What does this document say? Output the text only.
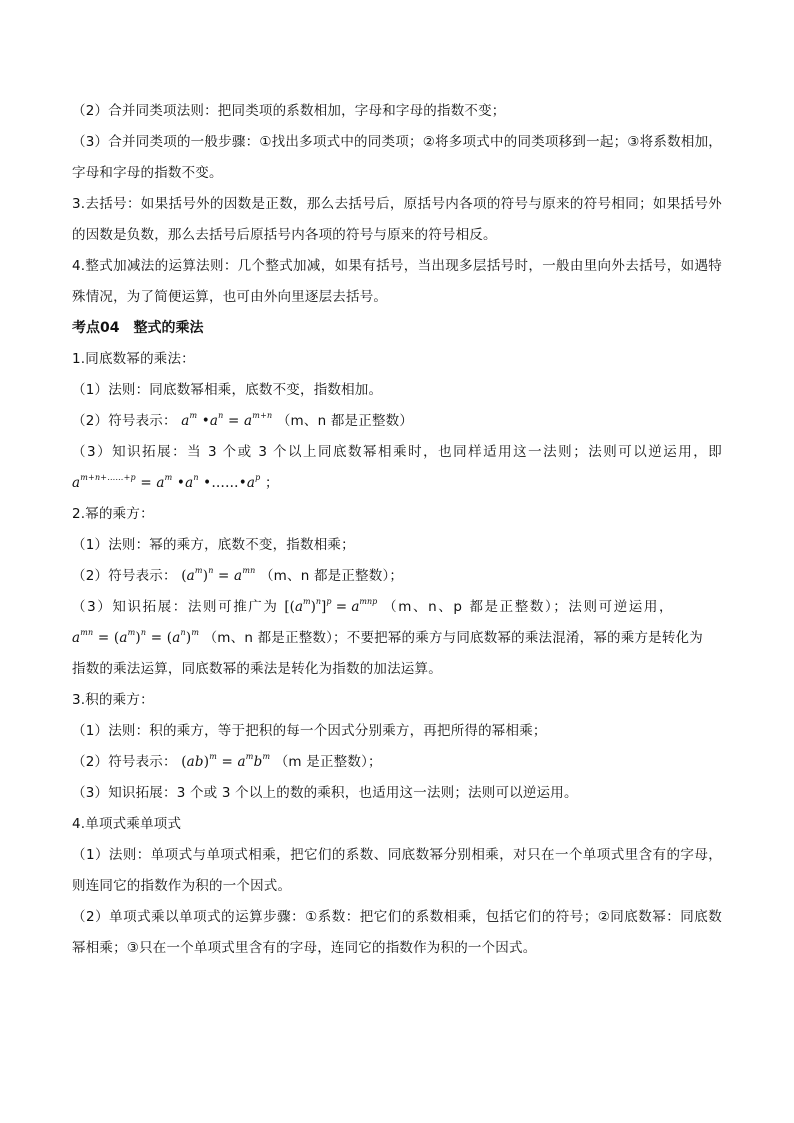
（2）合并同类项法则：把同类项的系数相加，字母和字母的指数不变；

（3）合并同类项的一般步骤：①找出多项式中的同类项；②将多项式中的同类项移到一起；③将系数相加，

字母和字母的指数不变。

3.去括号：如果括号外的因数是正数，那么去括号后，原括号内各项的符号与原来的符号相同；如果括号外

的因数是负数，那么去括号后原括号内各项的符号与原来的符号相反。

4.整式加减法的运算法则：几个整式加减，如果有括号，当出现多层括号时，一般由里向外去括号，如遇特

殊情况，为了简便运算，也可由外向里逐层去括号。

考点04　整式的乘法

1.同底数幂的乘法：

（1）法则：同底数幂相乘，底数不变，指数相加。

（2）符号表示： $a^m$ $•a^n = a^{m+n}$ （m、n 都是正整数）

（3）知识拓展：当 3 个或 3 个以上同底数幂相乘时，也同样适用这一法则；法则可以逆运用，即

$a^{m+n+\dots\dots+p} = a^m$ $•a^n$ $•\dots\dots•a^p$ ；

2.幂的乘方：

（1）法则：幂的乘方，底数不变，指数相乘；

（2）符号表示： $(a^m)^n = a^{mn}$ （m、n 都是正整数）；

（3）知识拓展：法则可推广为 $[(a^m)^n]^p = a^{mnp}$ （m、n、p 都是正整数）；法则可逆运用，

$a^{mn} = (a^m)^n = (a^n)^m$ （m、n 都是正整数）；不要把幂的乘方与同底数幂的乘法混淆，幂的乘方是转化为

指数的乘法运算，同底数幂的乘法是转化为指数的加法运算。

3.积的乘方：

（1）法则：积的乘方，等于把积的每一个因式分别乘方，再把所得的幂相乘；

（2）符号表示： $(ab)^m = a^mb^m$ （m 是正整数）；

（3）知识拓展：3 个或 3 个以上的数的乘积，也适用这一法则；法则可以逆运用。

4.单项式乘单项式

（1）法则：单项式与单项式相乘，把它们的系数、同底数幂分别相乘，对只在一个单项式里含有的字母，

则连同它的指数作为积的一个因式。

（2）单项式乘以单项式的运算步骤：①系数：把它们的系数相乘，包括它们的符号；②同底数幂：同底数

幂相乘；③只在一个单项式里含有的字母，连同它的指数作为积的一个因式。
